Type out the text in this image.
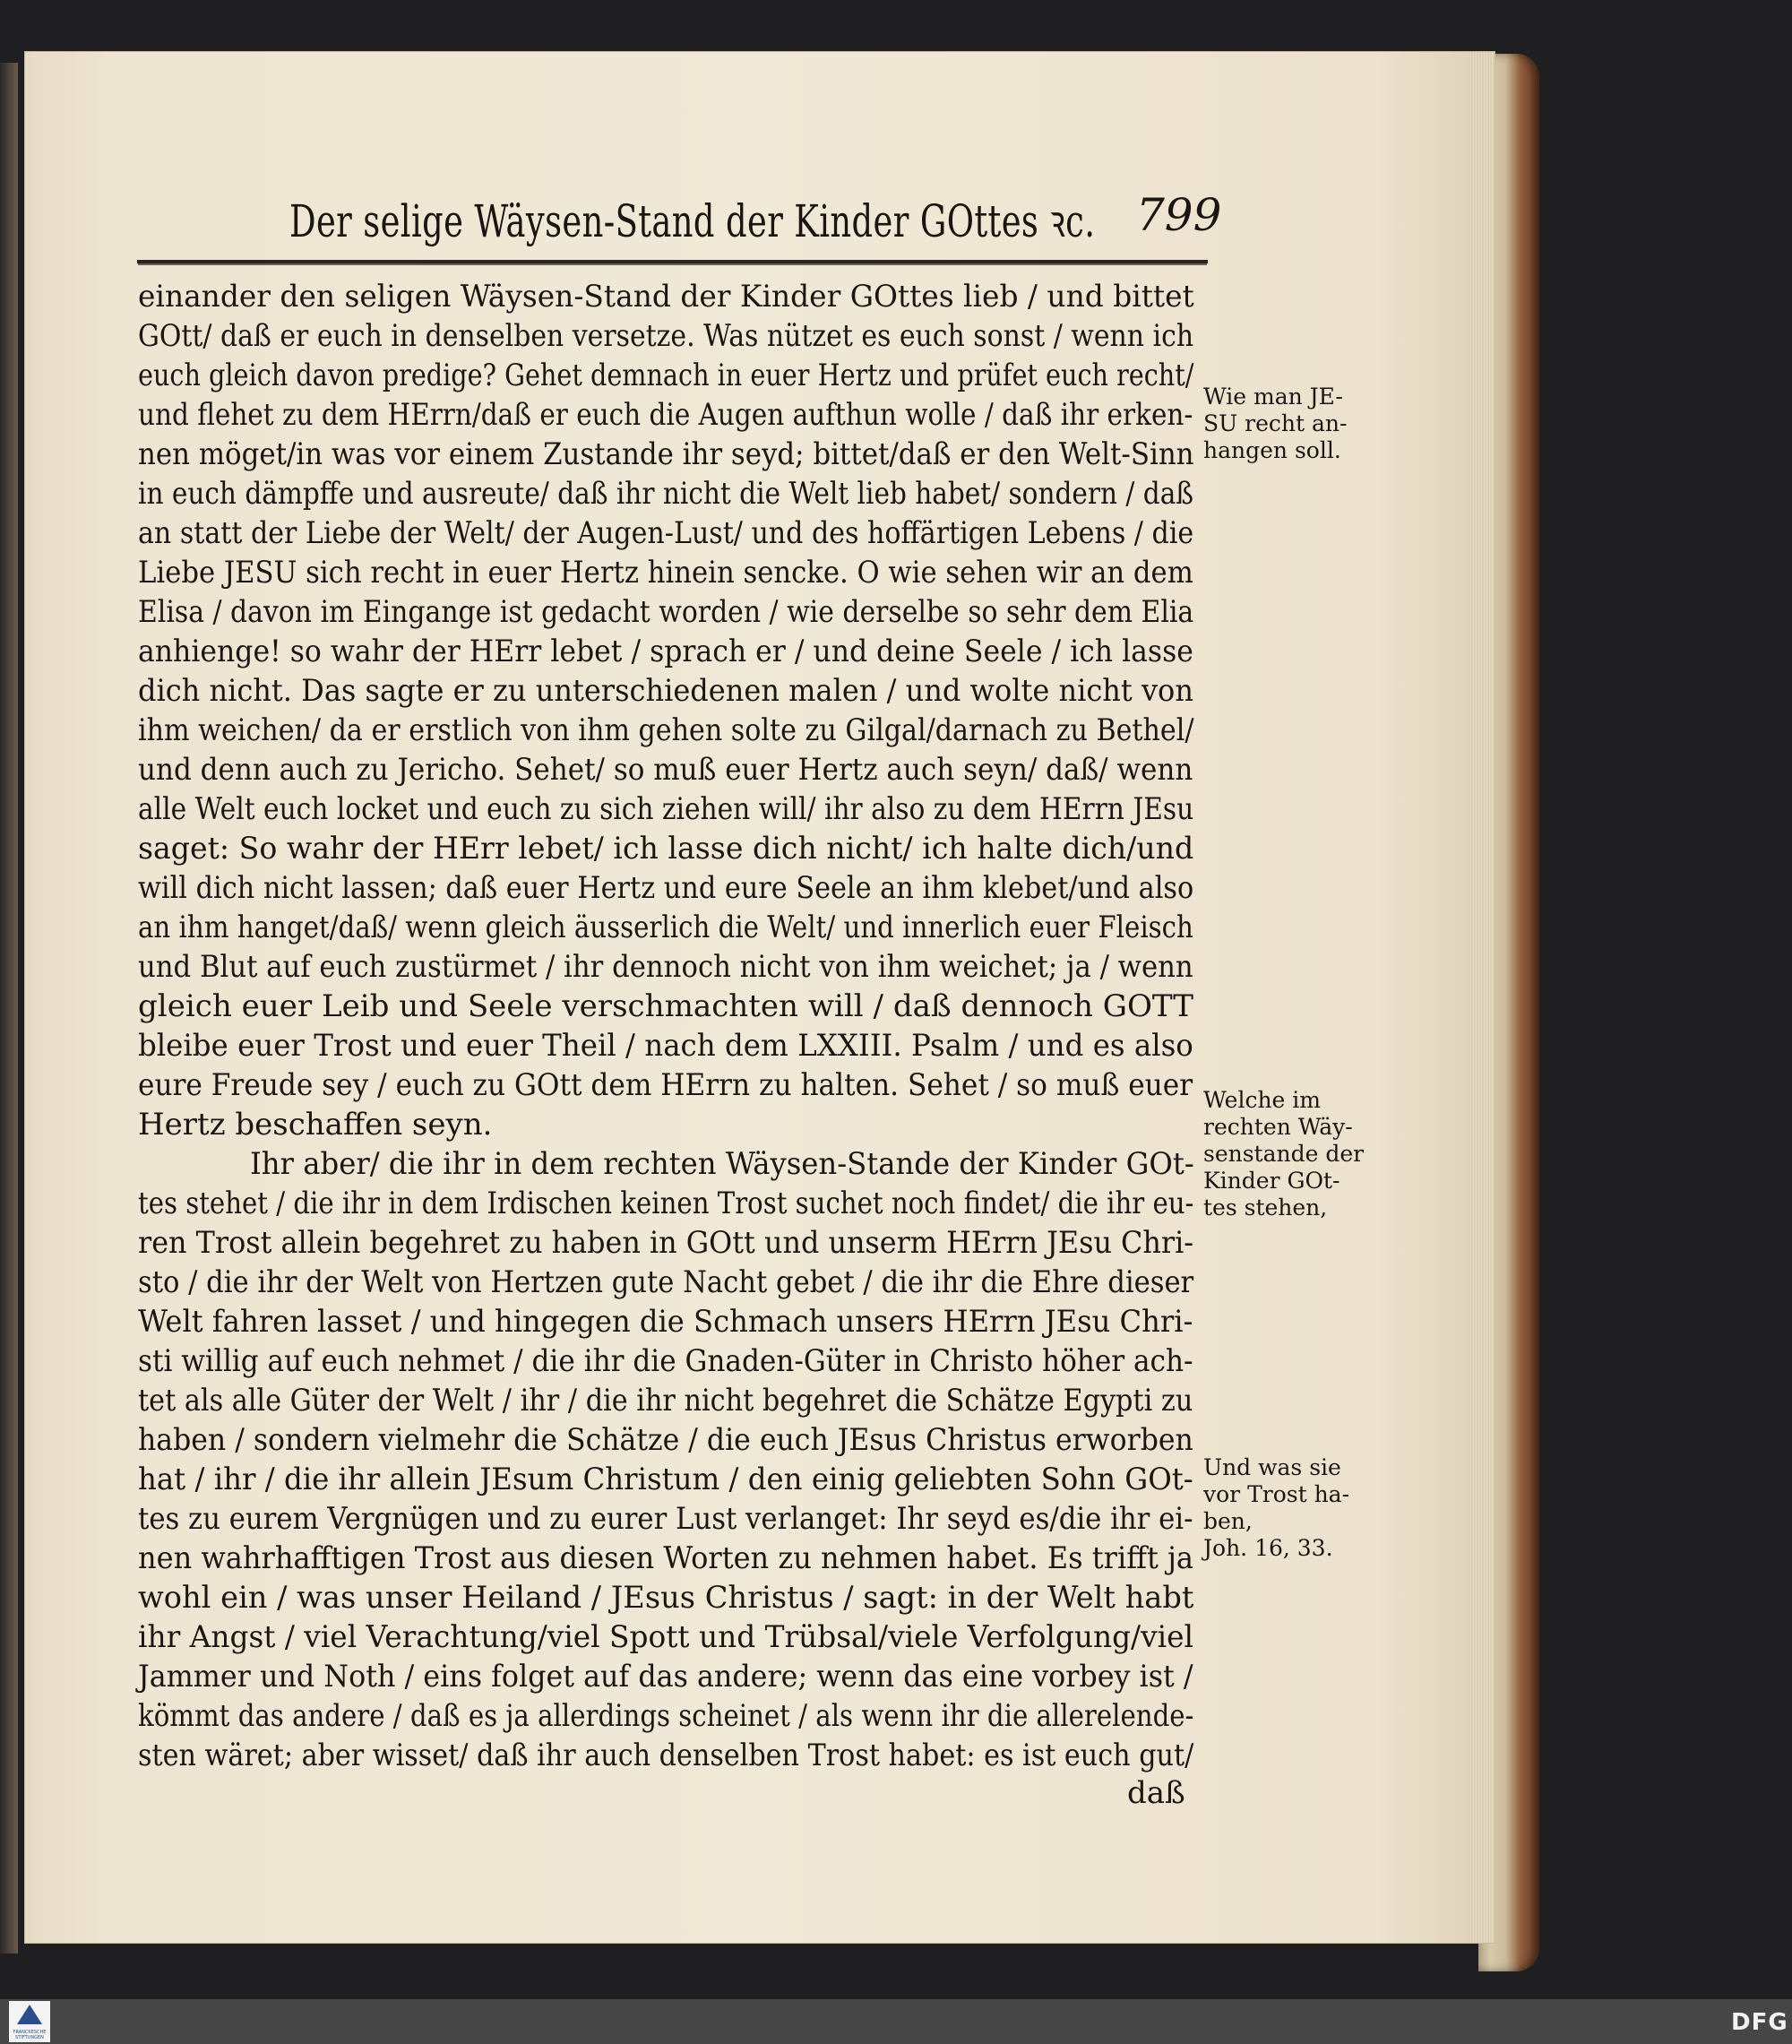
Der selige Wäysen-Stand der Kinder GOttes ꝛc. 799
einander den seligen Wäysen-Stand der Kinder GOttes lieb / und bittet
GOtt/ daß er euch in denselben versetze. Was nützet es euch sonst / wenn ich
euch gleich davon predige? Gehet demnach in euer Hertz und prüfet euch recht/
und flehet zu dem HErrn/daß er euch die Augen aufthun wolle / daß ihr erken-
nen möget/in was vor einem Zustande ihr seyd; bittet/daß er den Welt-Sinn
in euch dämpffe und ausreute/ daß ihr nicht die Welt lieb habet/ sondern / daß
an statt der Liebe der Welt/ der Augen-Lust/ und des hoffärtigen Lebens / die
Liebe JESU sich recht in euer Hertz hinein sencke. O wie sehen wir an dem
Elisa / davon im Eingange ist gedacht worden / wie derselbe so sehr dem Elia
anhienge! so wahr der HErr lebet / sprach er / und deine Seele / ich lasse
dich nicht. Das sagte er zu unterschiedenen malen / und wolte nicht von
ihm weichen/ da er erstlich von ihm gehen solte zu Gilgal/darnach zu Bethel/
und denn auch zu Jericho. Sehet/ so muß euer Hertz auch seyn/ daß/ wenn
alle Welt euch locket und euch zu sich ziehen will/ ihr also zu dem HErrn JEsu
saget: So wahr der HErr lebet/ ich lasse dich nicht/ ich halte dich/und
will dich nicht lassen; daß euer Hertz und eure Seele an ihm klebet/und also
an ihm hanget/daß/ wenn gleich äusserlich die Welt/ und innerlich euer Fleisch
und Blut auf euch zustürmet / ihr dennoch nicht von ihm weichet; ja / wenn
gleich euer Leib und Seele verschmachten will / daß dennoch GOTT
bleibe euer Trost und euer Theil / nach dem LXXIII. Psalm / und es also
eure Freude sey / euch zu GOtt dem HErrn zu halten. Sehet / so muß euer
Hertz beschaffen seyn.
Ihr aber/ die ihr in dem rechten Wäysen-Stande der Kinder GOt-
tes stehet / die ihr in dem Irdischen keinen Trost suchet noch findet/ die ihr eu-
ren Trost allein begehret zu haben in GOtt und unserm HErrn JEsu Chri-
sto / die ihr der Welt von Hertzen gute Nacht gebet / die ihr die Ehre dieser
Welt fahren lasset / und hingegen die Schmach unsers HErrn JEsu Chri-
sti willig auf euch nehmet / die ihr die Gnaden-Güter in Christo höher ach-
tet als alle Güter der Welt / ihr / die ihr nicht begehret die Schätze Egypti zu
haben / sondern vielmehr die Schätze / die euch JEsus Christus erworben
hat / ihr / die ihr allein JEsum Christum / den einig geliebten Sohn GOt-
tes zu eurem Vergnügen und zu eurer Lust verlanget: Ihr seyd es/die ihr ei-
nen wahrhafftigen Trost aus diesen Worten zu nehmen habet. Es trifft ja
wohl ein / was unser Heiland / JEsus Christus / sagt: in der Welt habt
ihr Angst / viel Verachtung/viel Spott und Trübsal/viele Verfolgung/viel
Jammer und Noth / eins folget auf das andere; wenn das eine vorbey ist /
kömmt das andere / daß es ja allerdings scheinet / als wenn ihr die allerelende-
sten wäret; aber wisset/ daß ihr auch denselben Trost habet: es ist euch gut/
daß
Wie man JE-
SU recht an-
hangen soll.
Welche im
rechten Wäy-
senstande der
Kinder GOt-
tes stehen,
Und was sie
vor Trost ha-
ben,
Joh. 16, 33.
FRANCKESCHE STIFTUNGEN
DFG
